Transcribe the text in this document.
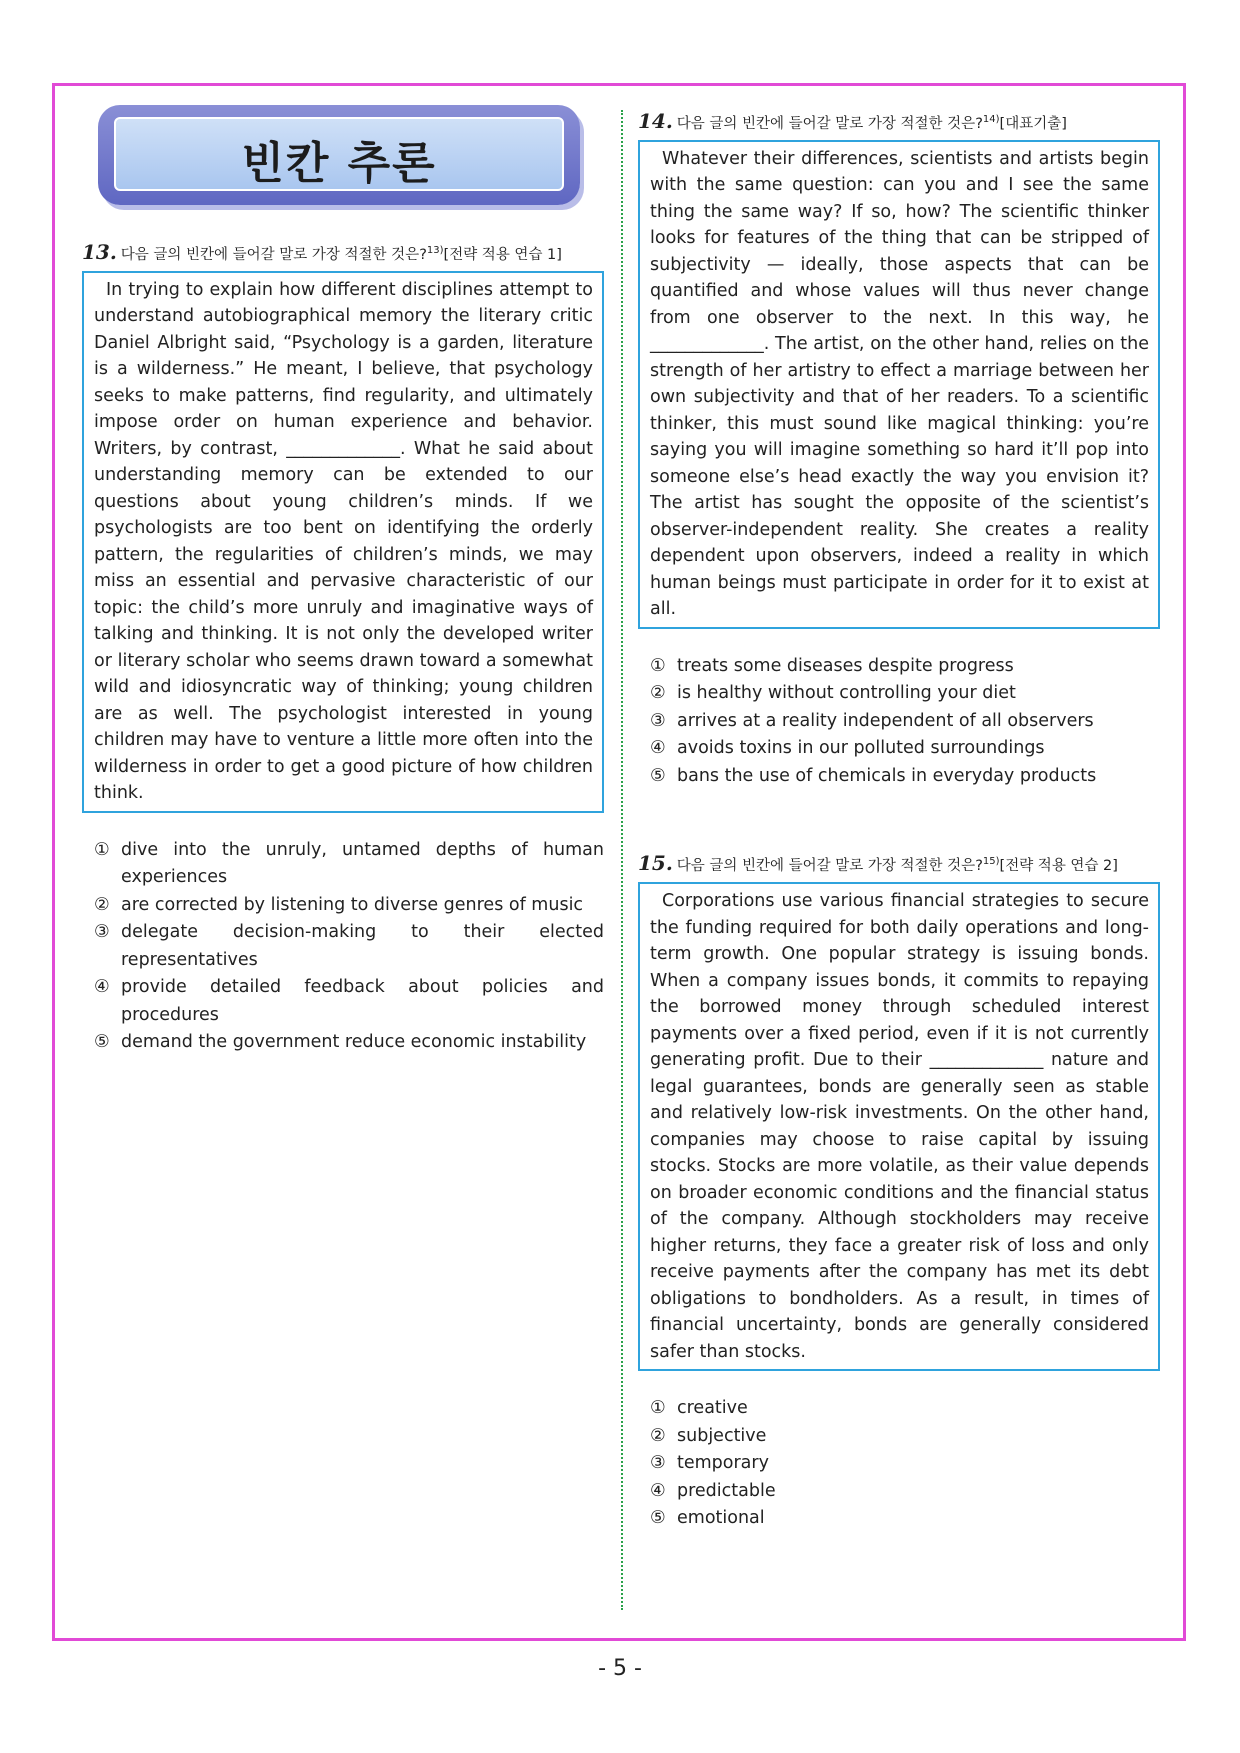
빈칸 추론
13. 다음 글의 빈칸에 들어갈 말로 가장 적절한 것은?$^{13)}$[전략 적용 연습 1]

In trying to explain how different disciplines attempt to understand autobiographical memory the literary critic Daniel Albright said, “Psychology is a garden, literature is a wilderness.” He meant, I believe, that psychology seeks to make patterns, find regularity, and ultimately impose order on human experience and behavior. Writers, by contrast, _____________. What he said about understanding memory can be extended to our questions about young children’s minds. If we psychologists are too bent on identifying the orderly pattern, the regularities of children’s minds, we may miss an essential and pervasive characteristic of our topic: the child’s more unruly and imaginative ways of talking and thinking. It is not only the developed writer or literary scholar who seems drawn toward a somewhat wild and idiosyncratic way of thinking; young children are as well. The psychologist interested in young children may have to venture a little more often into the wilderness in order to get a good picture of how children think.

① dive into the unruly, untamed depths of human experiences
② are corrected by listening to diverse genres of music
③ delegate decision-making to their elected representatives
④ provide detailed feedback about policies and procedures
⑤ demand the government reduce economic instability
14. 다음 글의 빈칸에 들어갈 말로 가장 적절한 것은?$^{14)}$[대표기출]

Whatever their differences, scientists and artists begin with the same question: can you and I see the same thing the same way? If so, how? The scientific thinker looks for features of the thing that can be stripped of subjectivity — ideally, those aspects that can be quantified and whose values will thus never change from one observer to the next. In this way, he _____________. The artist, on the other hand, relies on the strength of her artistry to effect a marriage between her own subjectivity and that of her readers. To a scientific thinker, this must sound like magical thinking: you’re saying you will imagine something so hard it’ll pop into someone else’s head exactly the way you envision it? The artist has sought the opposite of the scientist’s observer-independent reality. She creates a reality dependent upon observers, indeed a reality in which human beings must participate in order for it to exist at all.

① treats some diseases despite progress
② is healthy without controlling your diet
③ arrives at a reality independent of all observers
④ avoids toxins in our polluted surroundings
⑤ bans the use of chemicals in everyday products
15. 다음 글의 빈칸에 들어갈 말로 가장 적절한 것은?$^{15)}$[전략 적용 연습 2]

Corporations use various financial strategies to secure the funding required for both daily operations and long-term growth. One popular strategy is issuing bonds. When a company issues bonds, it commits to repaying the borrowed money through scheduled interest payments over a fixed period, even if it is not currently generating profit. Due to their _____________ nature and legal guarantees, bonds are generally seen as stable and relatively low-risk investments. On the other hand, companies may choose to raise capital by issuing stocks. Stocks are more volatile, as their value depends on broader economic conditions and the financial status of the company. Although stockholders may receive higher returns, they face a greater risk of loss and only receive payments after the company has met its debt obligations to bondholders. As a result, in times of financial uncertainty, bonds are generally considered safer than stocks.

① creative
② subjective
③ temporary
④ predictable
⑤ emotional
- 5 -
